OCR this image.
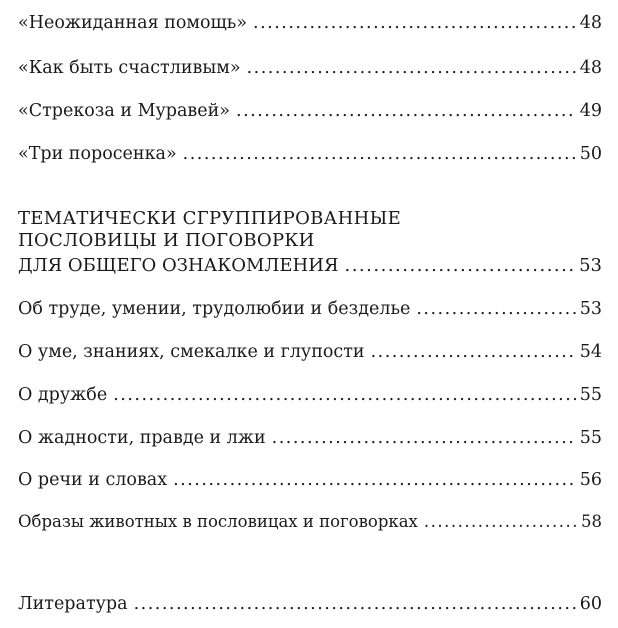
«Неожиданная помощь» .....	48
«Как быть счастливым» .....	48
«Стрекоза и Муравей» .....	49
«Три поросенка» .....	50
ТЕМАТИЧЕСКИ СГРУППИРОВАННЫЕ
ПОСЛОВИЦЫ И ПОГОВОРКИ
ДЛЯ ОБЩЕГО ОЗНАКОМЛЕНИЯ .....	53
Об труде, умении, трудолюбии и безделье .....	53
О уме, знаниях, смекалке и глупости .....	54
О дружбе .....	55
О жадности, правде и лжи .....	55
О речи и словах .....	56
Образы животных в пословицах и поговорках .....	58
Литература .....	60
